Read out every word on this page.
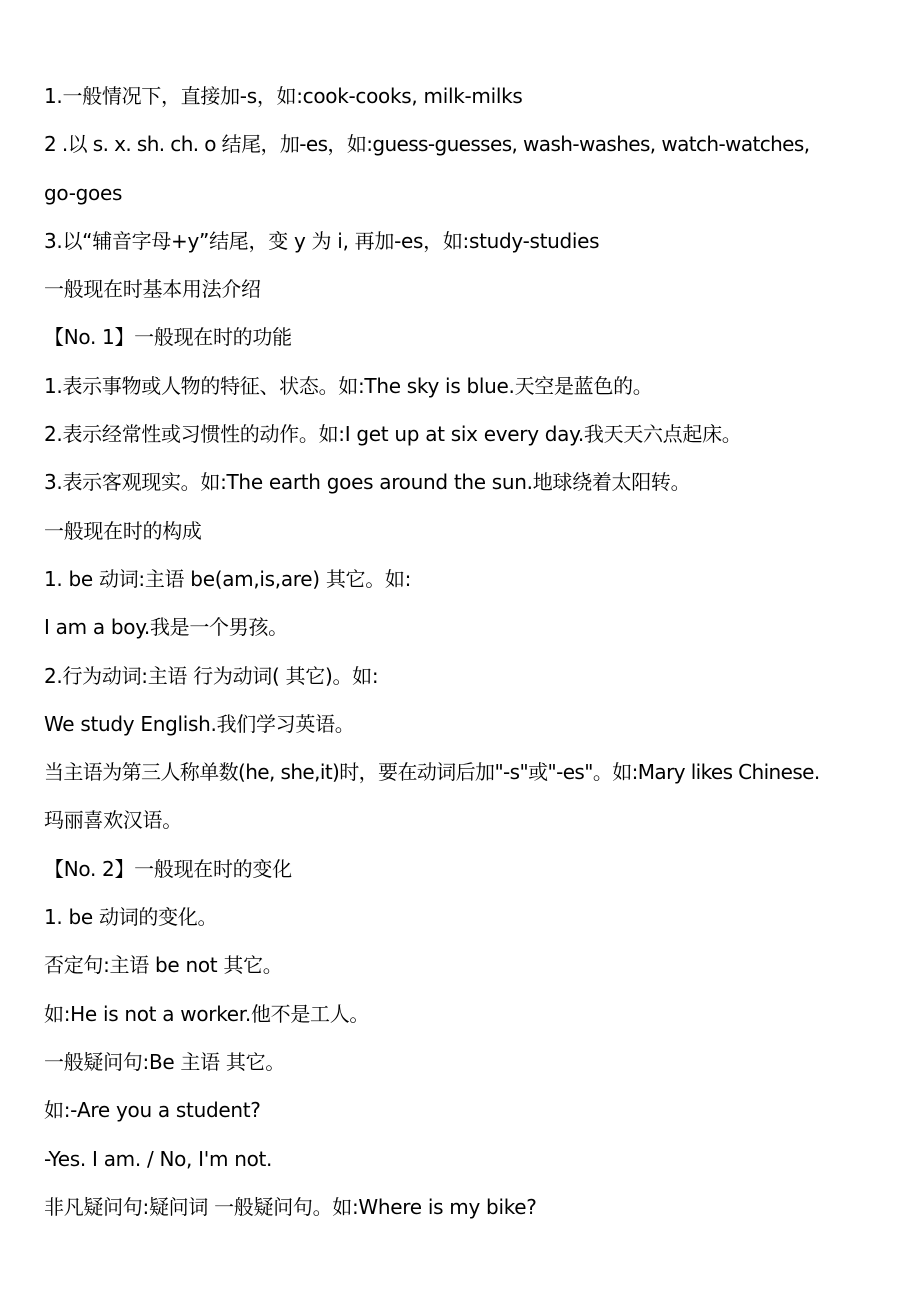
1.一般情况下，直接加-s，如:cook-cooks, milk-milks
2 .以 s. x. sh. ch. o 结尾，加-es，如:guess-guesses, wash-washes, watch-watches,
go-goes
3.以“辅音字母+y”结尾，变 y 为 i, 再加-es，如:study-studies
一般现在时基本用法介绍
【No. 1】一般现在时的功能
1.表示事物或人物的特征、状态。如:The sky is blue.天空是蓝色的。
2.表示经常性或习惯性的动作。如:I get up at six every day.我天天六点起床。
3.表示客观现实。如:The earth goes around the sun.地球绕着太阳转。
一般现在时的构成
1. be 动词:主语 be(am,is,are) 其它。如:
I am a boy.我是一个男孩。
2.行为动词:主语 行为动词( 其它)。如:
We study English.我们学习英语。
当主语为第三人称单数(he, she,it)时，要在动词后加"-s"或"-es"。如:Mary likes Chinese.
玛丽喜欢汉语。
【No. 2】一般现在时的变化
1. be 动词的变化。
否定句:主语 be not 其它。
如:He is not a worker.他不是工人。
一般疑问句:Be 主语 其它。
如:-Are you a student?
-Yes. I am. / No, I'm not.
非凡疑问句:疑问词 一般疑问句。如:Where is my bike?
